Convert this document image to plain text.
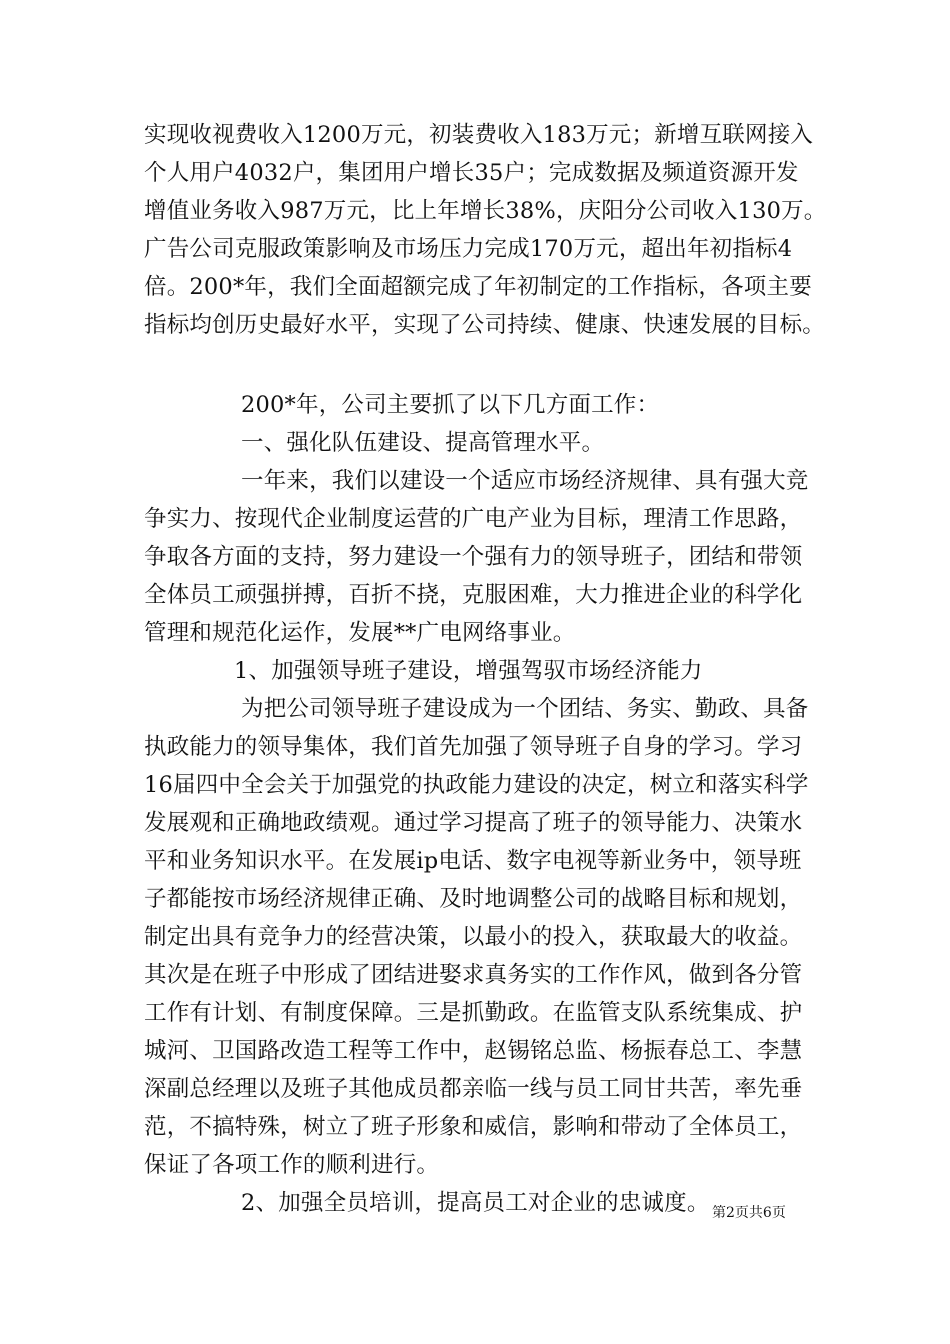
实现收视费收入1200万元，初装费收入183万元；新增互联网接入
个人用户4032户，集团用户增长35户；完成数据及频道资源开发
增值业务收入987万元，比上年增长38%，庆阳分公司收入130万。
广告公司克服政策影响及市场压力完成170万元，超出年初指标4
倍。200*年，我们全面超额完成了年初制定的工作指标，各项主要
指标均创历史最好水平，实现了公司持续、健康、快速发展的目标。

200*年，公司主要抓了以下几方面工作：

一、强化队伍建设、提高管理水平。

一年来，我们以建设一个适应市场经济规律、具有强大竞
争实力、按现代企业制度运营的广电产业为目标，理清工作思路，
争取各方面的支持，努力建设一个强有力的领导班子，团结和带领
全体员工顽强拼搏，百折不挠，克服困难，大力推进企业的科学化
管理和规范化运作，发展**广电网络事业。

1、加强领导班子建设，增强驾驭市场经济能力

为把公司领导班子建设成为一个团结、务实、勤政、具备
执政能力的领导集体，我们首先加强了领导班子自身的学习。学习
16届四中全会关于加强党的执政能力建设的决定，树立和落实科学
发展观和正确地政绩观。通过学习提高了班子的领导能力、决策水
平和业务知识水平。在发展ip电话、数字电视等新业务中，领导班
子都能按市场经济规律正确、及时地调整公司的战略目标和规划，
制定出具有竞争力的经营决策，以最小的投入，获取最大的收益。
其次是在班子中形成了团结进娶求真务实的工作作风，做到各分管
工作有计划、有制度保障。三是抓勤政。在监管支队系统集成、护
城河、卫国路改造工程等工作中，赵锡铭总监、杨振春总工、李慧
深副总经理以及班子其他成员都亲临一线与员工同甘共苦，率先垂
范，不搞特殊，树立了班子形象和威信，影响和带动了全体员工，
保证了各项工作的顺利进行。

2、加强全员培训，提高员工对企业的忠诚度。 第2页共6页
